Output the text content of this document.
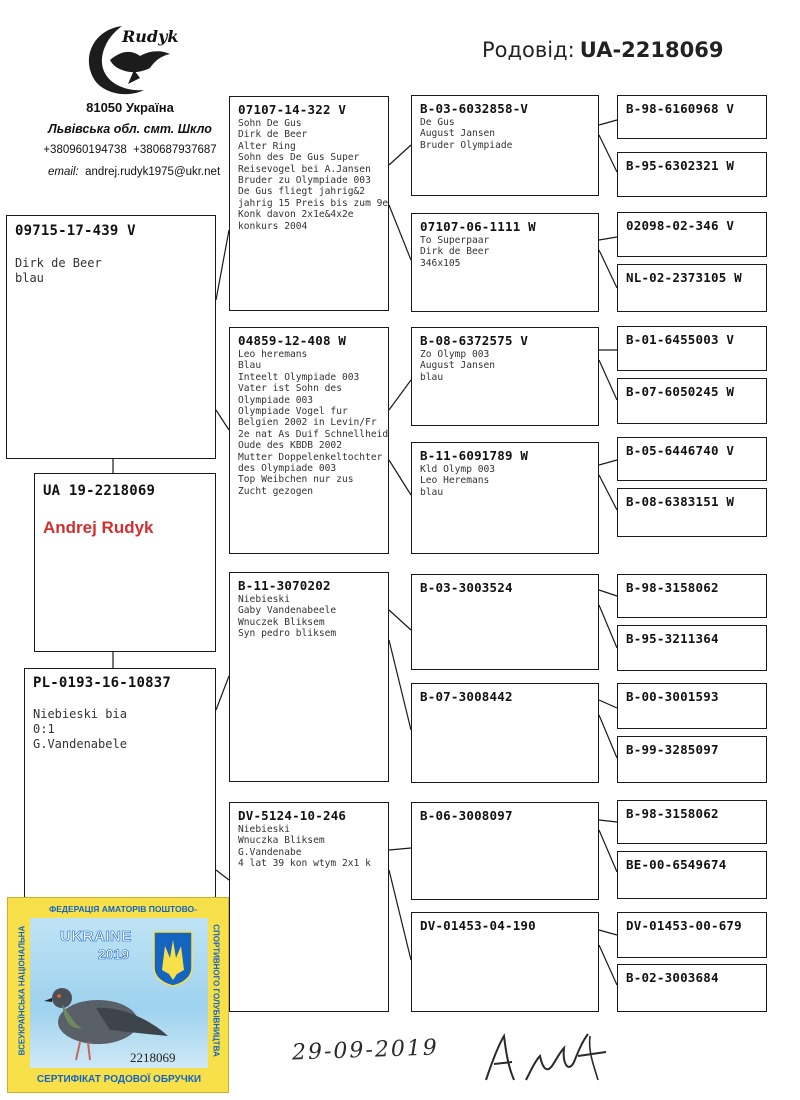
Rudyk
Родовід: UA-2218069
81050 Україна
Львівська обл. смт. Шкло
+380960194738  +380687937687
email: andrej.rudyk1975@ukr.net
09715-17-439 V
Dirk de Beer
blau
UA 19-2218069
Andrej Rudyk
PL-0193-16-10837
Niebieski bia
0:1
G.Vandenabele
07107-14-322 V
Sohn De Gus
Dirk de Beer
Alter Ring
Sohn des De Gus Super
Reisevogel bei A.Jansen
Bruder zu Olympiade 003
De Gus fliegt jahrig&2
jahrig 15 Preis bis zum 9e
Konk davon 2x1e&4x2e
konkurs 2004
04859-12-408 W
Leo heremans
Blau
Inteelt Olympiade 003
Vater ist Sohn des
Olympiade 003
Olympiade Vogel fur
Belgien 2002 in Levin/Fr
2e nat As Duif Schnellheid
Oude des KBDB 2002
Mutter Doppelenkeltochter
des Olympiade 003
Top Weibchen nur zus
Zucht gezogen
B-11-3070202
Niebieski
Gaby Vandenabeele
Wnuczek Bliksem
Syn pedro bliksem
DV-5124-10-246
Niebieski
Wnuczka Bliksem
G.Vandenabe
4 lat 39 kon wtym 2x1 k
B-03-6032858-V
De Gus
August Jansen
Bruder Olympiade
07107-06-1111 W
To Superpaar
Dirk de Beer
346x105
B-08-6372575 V
Zo Olymp 003
August Jansen
blau
B-11-6091789 W
Kld Olymp 003
Leo Heremans
blau
B-03-3003524
B-07-3008442
B-06-3008097
DV-01453-04-190
B-98-6160968 V
B-95-6302321 W
02098-02-346 V
NL-02-2373105 W
B-01-6455003 V
B-07-6050245 W
B-05-6446740 V
B-08-6383151 W
B-98-3158062
B-95-3211364
B-00-3001593
B-99-3285097
B-98-3158062
BE-00-6549674
DV-01453-00-679
B-02-3003684
ФЕДЕРАЦІЯ АМАТОРІВ ПОШТОВО-
ВСЕУКРАЇНСЬКА НАЦІОНАЛЬНА	СПОРТИВНОГО ГОЛУБІВНИЦТВА
UKRAINE
2019
2218069
СЕРТИФІКАТ РОДОВОЇ ОБРУЧКИ
29-09-2019
